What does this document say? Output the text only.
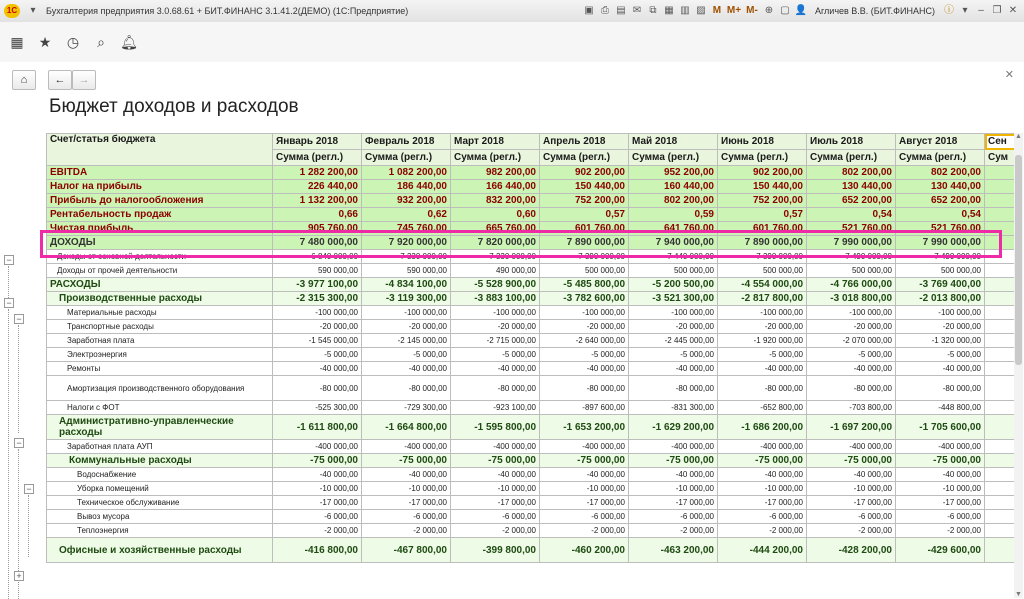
1С	▾	Бухгалтерия предприятия 3.0.68.61 + БИТ.ФИНАНС 3.1.41.2(ДЕМО) (1С:Предприятие)	▣ ⎙ ▤ ✉ ⧉ ▦ ▥ ▨ M M+ M- ⊕ ▢ 👤 Агличев В.В. (БИТ.ФИНАНС) ⓘ ▾	– ❐ ✕
▦	★	◷	⌕	🔔︎
⌂	←	→	✕
Бюджет доходов и расходов
−
−
−
−
−
+
Счет/статья бюджета	Январь 2018	Февраль 2018	Март 2018	Апрель 2018	Май 2018	Июнь 2018	Июль 2018	Август 2018	Сен
	Сумма (регл.)	Сумма (регл.)	Сумма (регл.)	Сумма (регл.)	Сумма (регл.)	Сумма (регл.)	Сумма (регл.)	Сумма (регл.)	Сум
EBITDA	1 282 200,00	1 082 200,00	982 200,00	902 200,00	952 200,00	902 200,00	802 200,00	802 200,00	
Налог на прибыль	226 440,00	186 440,00	166 440,00	150 440,00	160 440,00	150 440,00	130 440,00	130 440,00	
Прибыль до налогообложения	1 132 200,00	932 200,00	832 200,00	752 200,00	802 200,00	752 200,00	652 200,00	652 200,00	
Рентабельность продаж	0,66	0,62	0,60	0,57	0,59	0,57	0,54	0,54	
Чистая прибыль	905 760,00	745 760,00	665 760,00	601 760,00	641 760,00	601 760,00	521 760,00	521 760,00	
ДОХОДЫ	7 480 000,00	7 920 000,00	7 820 000,00	7 890 000,00	7 940 000,00	7 890 000,00	7 990 000,00	7 990 000,00	
Доходы от основной деятельности	6 840 000,00	7 330 000,00	7 330 000,00	7 390 000,00	7 440 000,00	7 390 000,00	7 490 000,00	7 490 000,00	
Доходы от прочей деятельности	590 000,00	590 000,00	490 000,00	500 000,00	500 000,00	500 000,00	500 000,00	500 000,00	
РАСХОДЫ	-3 977 100,00	-4 834 100,00	-5 528 900,00	-5 485 800,00	-5 200 500,00	-4 554 000,00	-4 766 000,00	-3 769 400,00	
Производственные расходы	-2 315 300,00	-3 119 300,00	-3 883 100,00	-3 782 600,00	-3 521 300,00	-2 817 800,00	-3 018 800,00	-2 013 800,00	
Материальные расходы	-100 000,00	-100 000,00	-100 000,00	-100 000,00	-100 000,00	-100 000,00	-100 000,00	-100 000,00	
Транспортные расходы	-20 000,00	-20 000,00	-20 000,00	-20 000,00	-20 000,00	-20 000,00	-20 000,00	-20 000,00	
Заработная плата	-1 545 000,00	-2 145 000,00	-2 715 000,00	-2 640 000,00	-2 445 000,00	-1 920 000,00	-2 070 000,00	-1 320 000,00	
Электроэнергия	-5 000,00	-5 000,00	-5 000,00	-5 000,00	-5 000,00	-5 000,00	-5 000,00	-5 000,00	
Ремонты	-40 000,00	-40 000,00	-40 000,00	-40 000,00	-40 000,00	-40 000,00	-40 000,00	-40 000,00	
Амортизация производственного оборудования	-80 000,00	-80 000,00	-80 000,00	-80 000,00	-80 000,00	-80 000,00	-80 000,00	-80 000,00	
Налоги с ФОТ	-525 300,00	-729 300,00	-923 100,00	-897 600,00	-831 300,00	-652 800,00	-703 800,00	-448 800,00	
Административно-управленческие расходы	-1 611 800,00	-1 664 800,00	-1 595 800,00	-1 653 200,00	-1 629 200,00	-1 686 200,00	-1 697 200,00	-1 705 600,00	
Заработная плата АУП	-400 000,00	-400 000,00	-400 000,00	-400 000,00	-400 000,00	-400 000,00	-400 000,00	-400 000,00	
Коммунальные расходы	-75 000,00	-75 000,00	-75 000,00	-75 000,00	-75 000,00	-75 000,00	-75 000,00	-75 000,00	
Водоснабжение	-40 000,00	-40 000,00	-40 000,00	-40 000,00	-40 000,00	-40 000,00	-40 000,00	-40 000,00	
Уборка помещений	-10 000,00	-10 000,00	-10 000,00	-10 000,00	-10 000,00	-10 000,00	-10 000,00	-10 000,00	
Техническое обслуживание	-17 000,00	-17 000,00	-17 000,00	-17 000,00	-17 000,00	-17 000,00	-17 000,00	-17 000,00	
Вывоз мусора	-6 000,00	-6 000,00	-6 000,00	-6 000,00	-6 000,00	-6 000,00	-6 000,00	-6 000,00	
Теплоэнергия	-2 000,00	-2 000,00	-2 000,00	-2 000,00	-2 000,00	-2 000,00	-2 000,00	-2 000,00	
Офисные и хозяйственные расходы	-416 800,00	-467 800,00	-399 800,00	-460 200,00	-463 200,00	-444 200,00	-428 200,00	-429 600,00	
▲
▼
